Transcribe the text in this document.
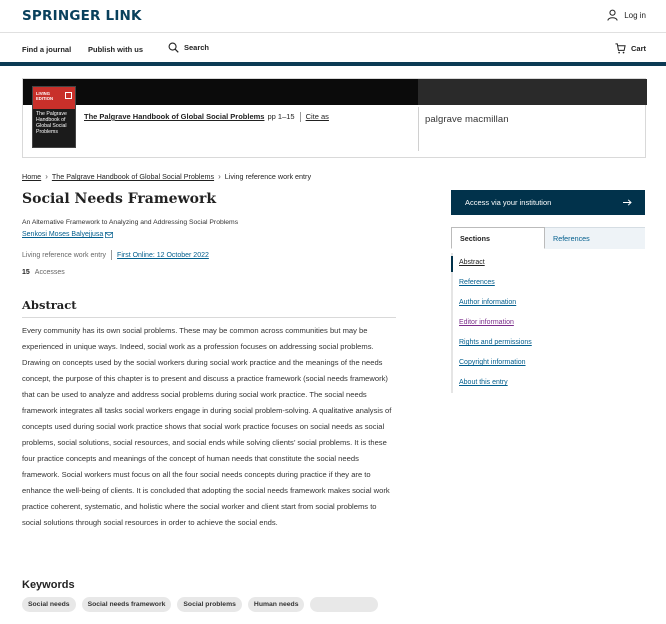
SPRINGER LINK	Log in
Find a journal Publish with us	Search	Cart
LIVING
EDITION
The Palgrave Handbook of Global Social Problems
The Palgrave Handbook of Global Social Problems pp 1–15 Cite as	palgrave macmillan
Home › The Palgrave Handbook of Global Social Problems › Living reference work entry
Social Needs Framework
An Alternative Framework to Analyzing and Addressing Social Problems
Senkosi Moses Balyejjusa
Living reference work entry First Online: 12 October 2022
15 Accesses
Abstract

Every community has its own social problems. These may be common across communities but may be experienced in unique ways. Indeed, social work as a profession focuses on addressing social problems. Drawing on concepts used by the social workers during social work practice and the meanings of the needs concept, the purpose of this chapter is to present and discuss a practice framework (social needs framework) that can be used to analyze and address social problems during social work practice. The social needs framework integrates all tasks social workers engage in during social problem-solving. A qualitative analysis of concepts used during social work practice shows that social work practice focuses on social needs as social problems, social solutions, social resources, and social ends while solving clients’ social problems. It is these four practice concepts and meanings of the concept of human needs that constitute the social needs framework. Social workers must focus on all the four social needs concepts during practice if they are to enhance the well-being of clients. It is concluded that adopting the social needs framework makes social work practice coherent, systematic, and holistic where the social worker and client start from social problems to social solutions through social resources in order to achieve the social ends.

Keywords
Social needs	Social needs framework	Social problems	Human needs
Access via your institution
Sections	References
Abstract
References
Author information
Editor information
Rights and permissions
Copyright information
About this entry
